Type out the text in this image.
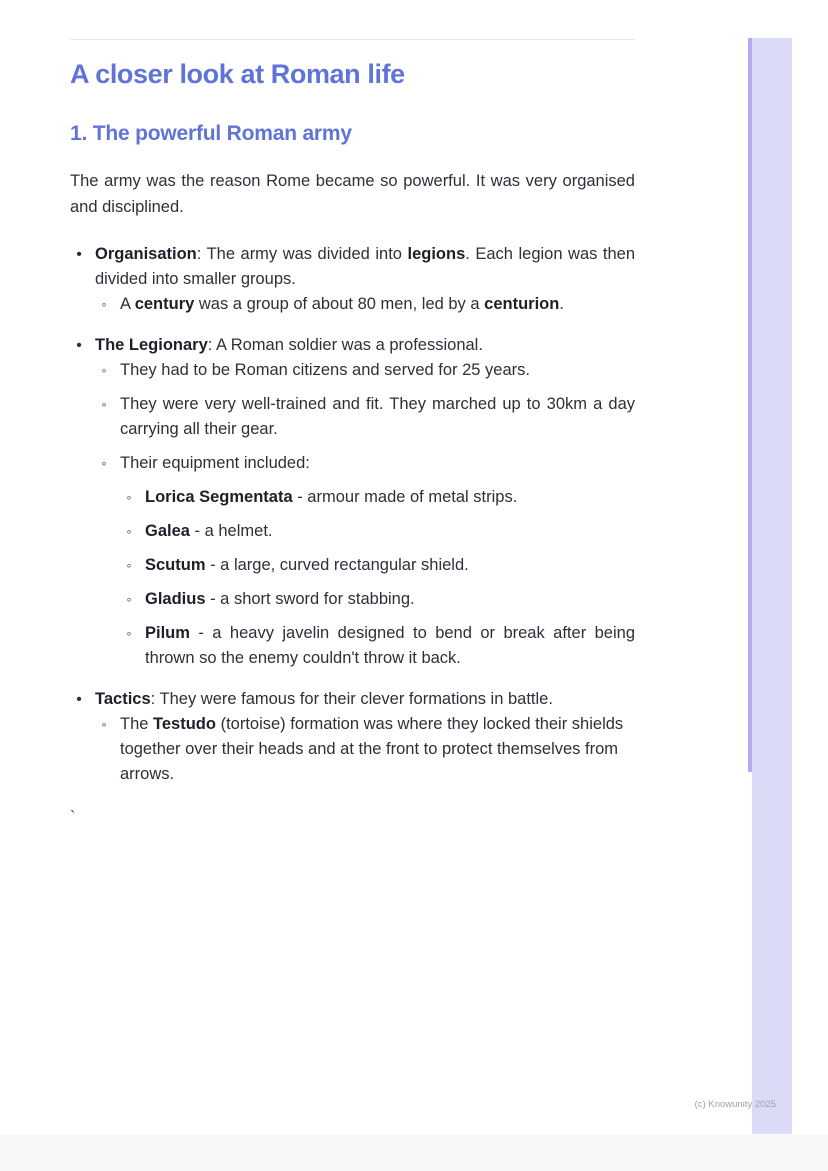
A closer look at Roman life
1. The powerful Roman army

The army was the reason Rome became so powerful. It was very organised and disciplined.

• Organisation: The army was divided into legions. Each legion was then divided into smaller groups.
◦ A century was a group of about 80 men, led by a centurion.
• The Legionary: A Roman soldier was a professional.
◦ They had to be Roman citizens and served for 25 years.
◦ They were very well-trained and fit. They marched up to 30km a day carrying all their gear.
◦ Their equipment included:
◦ Lorica Segmentata - armour made of metal strips.
◦ Galea - a helmet.
◦ Scutum - a large, curved rectangular shield.
◦ Gladius - a short sword for stabbing.
◦ Pilum - a heavy javelin designed to bend or break after being thrown so the enemy couldn't throw it back.
• Tactics: They were famous for their clever formations in battle.
◦ The Testudo (tortoise) formation was where they locked their shields together over their heads and at the front to protect themselves from arrows.

`

(c) Knowunity 2025
